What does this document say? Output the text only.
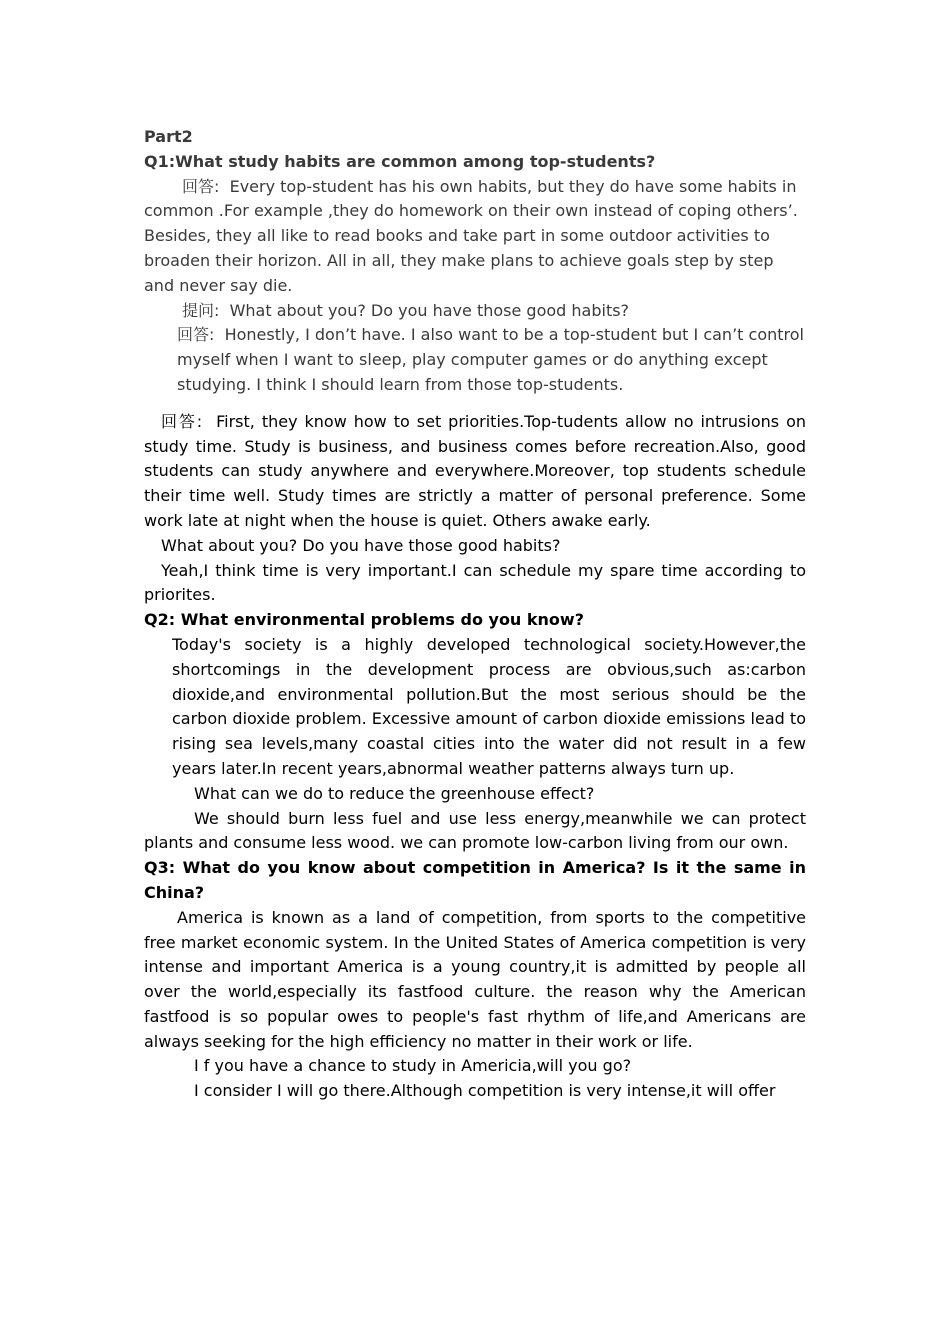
Part2

Q1:What study habits are common among top-students?

回答:  Every top-student has his own habits, but they do have some habits in common .For example ,they do homework on their own instead of coping others’. Besides, they all like to read books and take part in some outdoor activities to broaden their horizon. All in all, they make plans to achieve goals step by step and never say die.

提问:  What about you? Do you have those good habits?

回答:  Honestly, I don’t have. I also want to be a top-student but I can’t control myself when I want to sleep, play computer games or do anything except studying. I think I should learn from those top-students.

回答:  First, they know how to set priorities.Top-tudents allow no intrusions on study time. Study is business, and business comes before recreation.Also, good students can study anywhere and everywhere.Moreover, top students schedule their time well. Study times are strictly a matter of personal preference. Some work late at night when the house is quiet. Others awake early.

What about you? Do you have those good habits?

Yeah,I think time is very important.I can schedule my spare time according to priorites.

Q2: What environmental problems do you know?

Today's society is a highly developed technological society.However,the shortcomings in the development process are obvious,such as:carbon dioxide,and environmental pollution.But the most serious should be the carbon dioxide problem. Excessive amount of carbon dioxide emissions lead to rising sea levels,many coastal cities into the water did not result in a few years later.In recent years,abnormal weather patterns always turn up.

What can we do to reduce the greenhouse effect?

We should burn less fuel and use less energy,meanwhile we can protect plants and consume less wood. we can promote low-carbon living from our own.

Q3: What do you know about competition in America? Is it the same in China?

America is known as a land of competition, from sports to the competitive free market economic system. In the United States of America competition is very intense and important America is a young country,it is admitted by people all over the world,especially its fastfood culture. the reason why the American fastfood is so popular owes to people's fast rhythm of life,and Americans are always seeking for the high efficiency no matter in their work or life.

I f you have a chance to study in Americia,will you go?

I consider I will go there.Although competition is very intense,it will offer
